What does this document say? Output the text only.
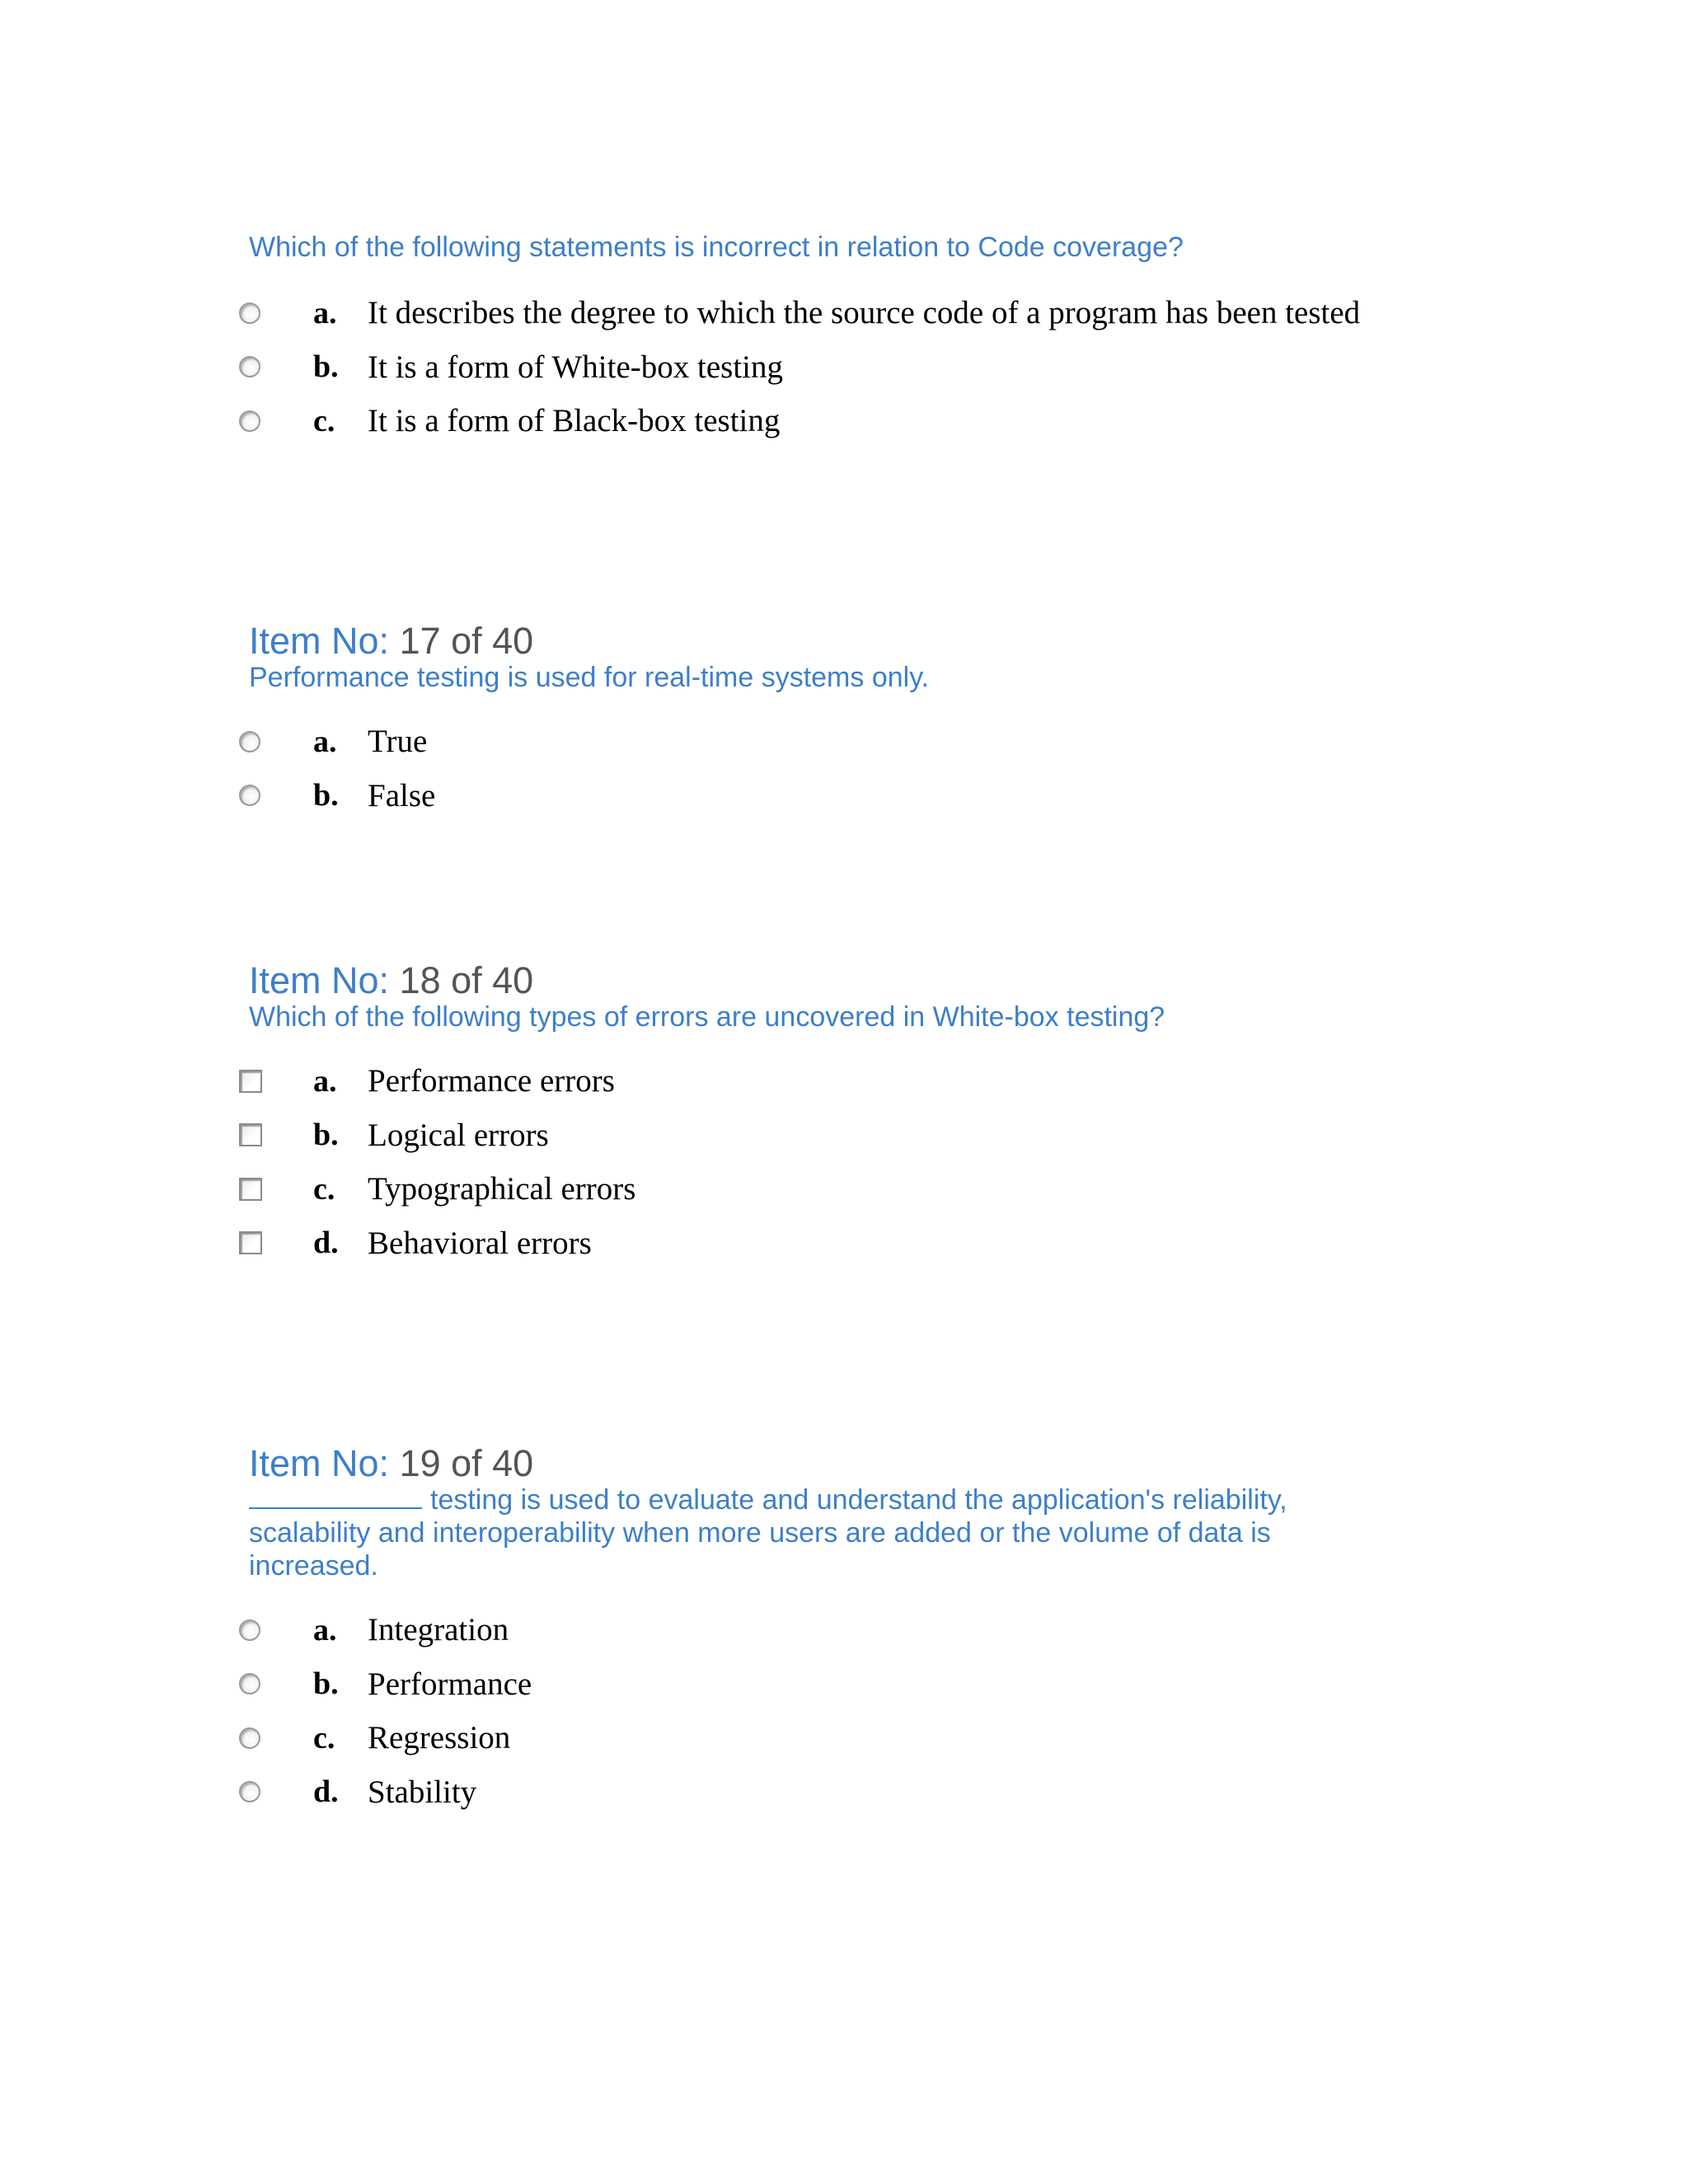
Which of the following statements is incorrect in relation to Code coverage?

a. It describes the degree to which the source code of a program has been tested
b. It is a form of White-box testing
c. It is a form of Black-box testing
Item No: 17 of 40

Performance testing is used for real-time systems only.

a. True
b. False
Item No: 18 of 40

Which of the following types of errors are uncovered in White-box testing?

a. Performance errors
b. Logical errors
c. Typographical errors
d. Behavioral errors
Item No: 19 of 40

testing is used to evaluate and understand the application's reliability, scalability and interoperability when more users are added or the volume of data is increased.

a. Integration
b. Performance
c. Regression
d. Stability
